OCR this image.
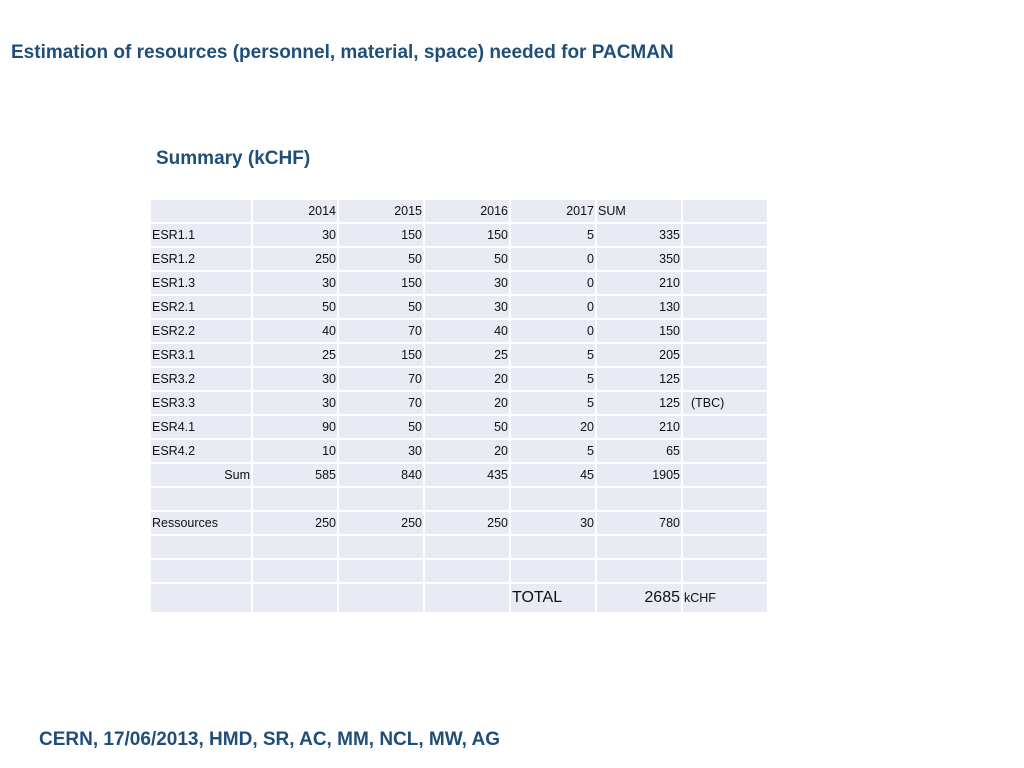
Estimation of resources (personnel, material, space) needed for PACMAN
Summary (kCHF)
	2014	2015	2016	2017	SUM	
ESR1.1	30	150	150	5	335	
ESR1.2	250	50	50	0	350	
ESR1.3	30	150	30	0	210	
ESR2.1	50	50	30	0	130	
ESR2.2	40	70	40	0	150	
ESR3.1	25	150	25	5	205	
ESR3.2	30	70	20	5	125	
ESR3.3	30	70	20	5	125	(TBC)
ESR4.1	90	50	50	20	210	
ESR4.2	10	30	20	5	65	
Sum	585	840	435	45	1905	

Ressources	250	250	250	30	780	

				TOTAL	2685	kCHF
CERN, 17/06/2013, HMD, SR, AC, MM, NCL, MW, AG
